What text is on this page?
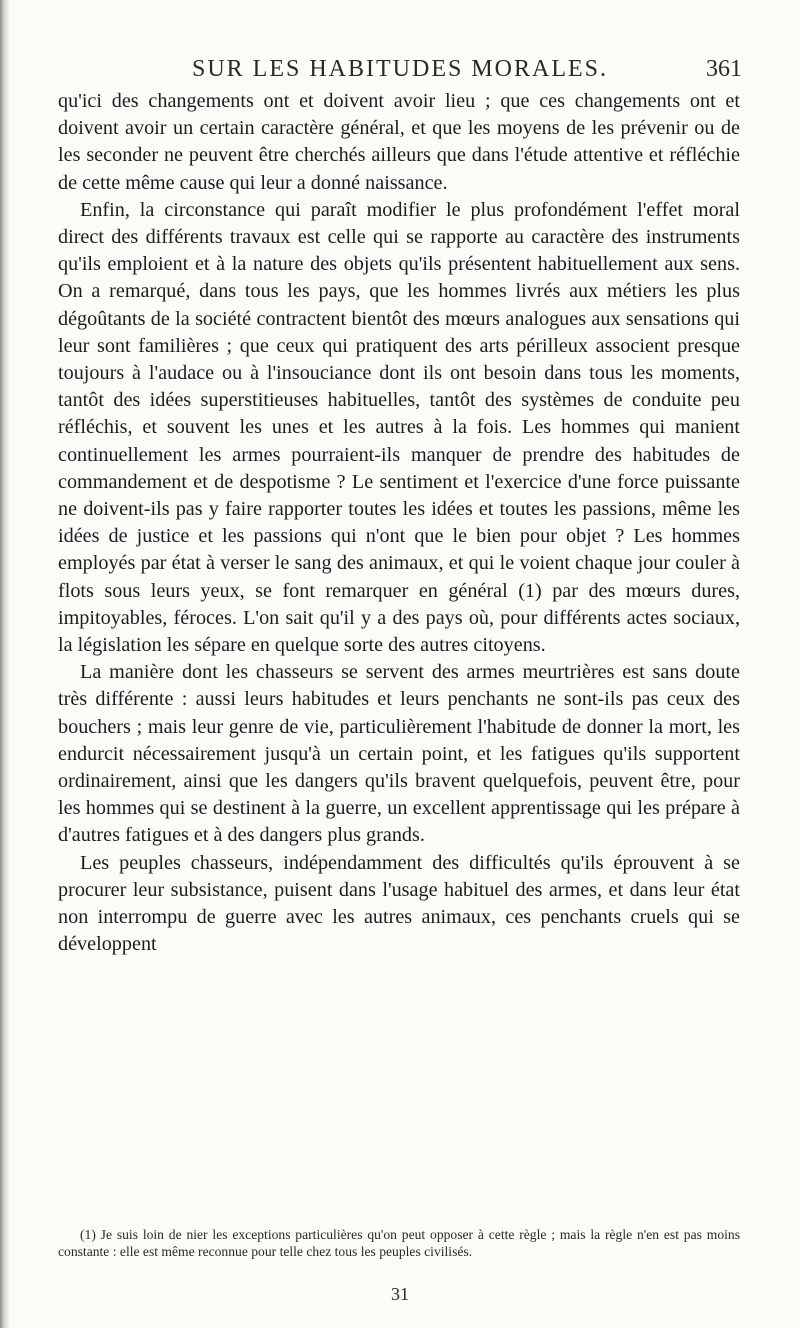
SUR LES HABITUDES MORALES.	361

qu'ici des changements ont et doivent avoir lieu ; que ces changements ont et doivent avoir un certain caractère général, et que les moyens de les prévenir ou de les seconder ne peuvent être cherchés ailleurs que dans l'étude attentive et réfléchie de cette même cause qui leur a donné naissance.

Enfin, la circonstance qui paraît modifier le plus profondément l'effet moral direct des différents travaux est celle qui se rapporte au caractère des instruments qu'ils emploient et à la nature des objets qu'ils présentent habituellement aux sens. On a remarqué, dans tous les pays, que les hommes livrés aux métiers les plus dégoûtants de la société contractent bientôt des mœurs analogues aux sensations qui leur sont familières ; que ceux qui pratiquent des arts périlleux associent presque toujours à l'audace ou à l'insouciance dont ils ont besoin dans tous les moments, tantôt des idées superstitieuses habituelles, tantôt des systèmes de conduite peu réfléchis, et souvent les unes et les autres à la fois. Les hommes qui manient continuellement les armes pourraient-ils manquer de prendre des habitudes de commandement et de despotisme ? Le sentiment et l'exercice d'une force puissante ne doivent-ils pas y faire rapporter toutes les idées et toutes les passions, même les idées de justice et les passions qui n'ont que le bien pour objet ? Les hommes employés par état à verser le sang des animaux, et qui le voient chaque jour couler à flots sous leurs yeux, se font remarquer en général (1) par des mœurs dures, impitoyables, féroces. L'on sait qu'il y a des pays où, pour différents actes sociaux, la législation les sépare en quelque sorte des autres citoyens.

La manière dont les chasseurs se servent des armes meurtrières est sans doute très différente : aussi leurs habitudes et leurs penchants ne sont-ils pas ceux des bouchers ; mais leur genre de vie, particulièrement l'habitude de donner la mort, les endurcit nécessairement jusqu'à un certain point, et les fatigues qu'ils supportent ordinairement, ainsi que les dangers qu'ils bravent quelquefois, peuvent être, pour les hommes qui se destinent à la guerre, un excellent apprentissage qui les prépare à d'autres fatigues et à des dangers plus grands.

Les peuples chasseurs, indépendamment des difficultés qu'ils éprouvent à se procurer leur subsistance, puisent dans l'usage habituel des armes, et dans leur état non interrompu de guerre avec les autres animaux, ces penchants cruels qui se développent

(1) Je suis loin de nier les exceptions particulières qu'on peut opposer à cette règle ; mais la règle n'en est pas moins constante : elle est même reconnue pour telle chez tous les peuples civilisés.

31
